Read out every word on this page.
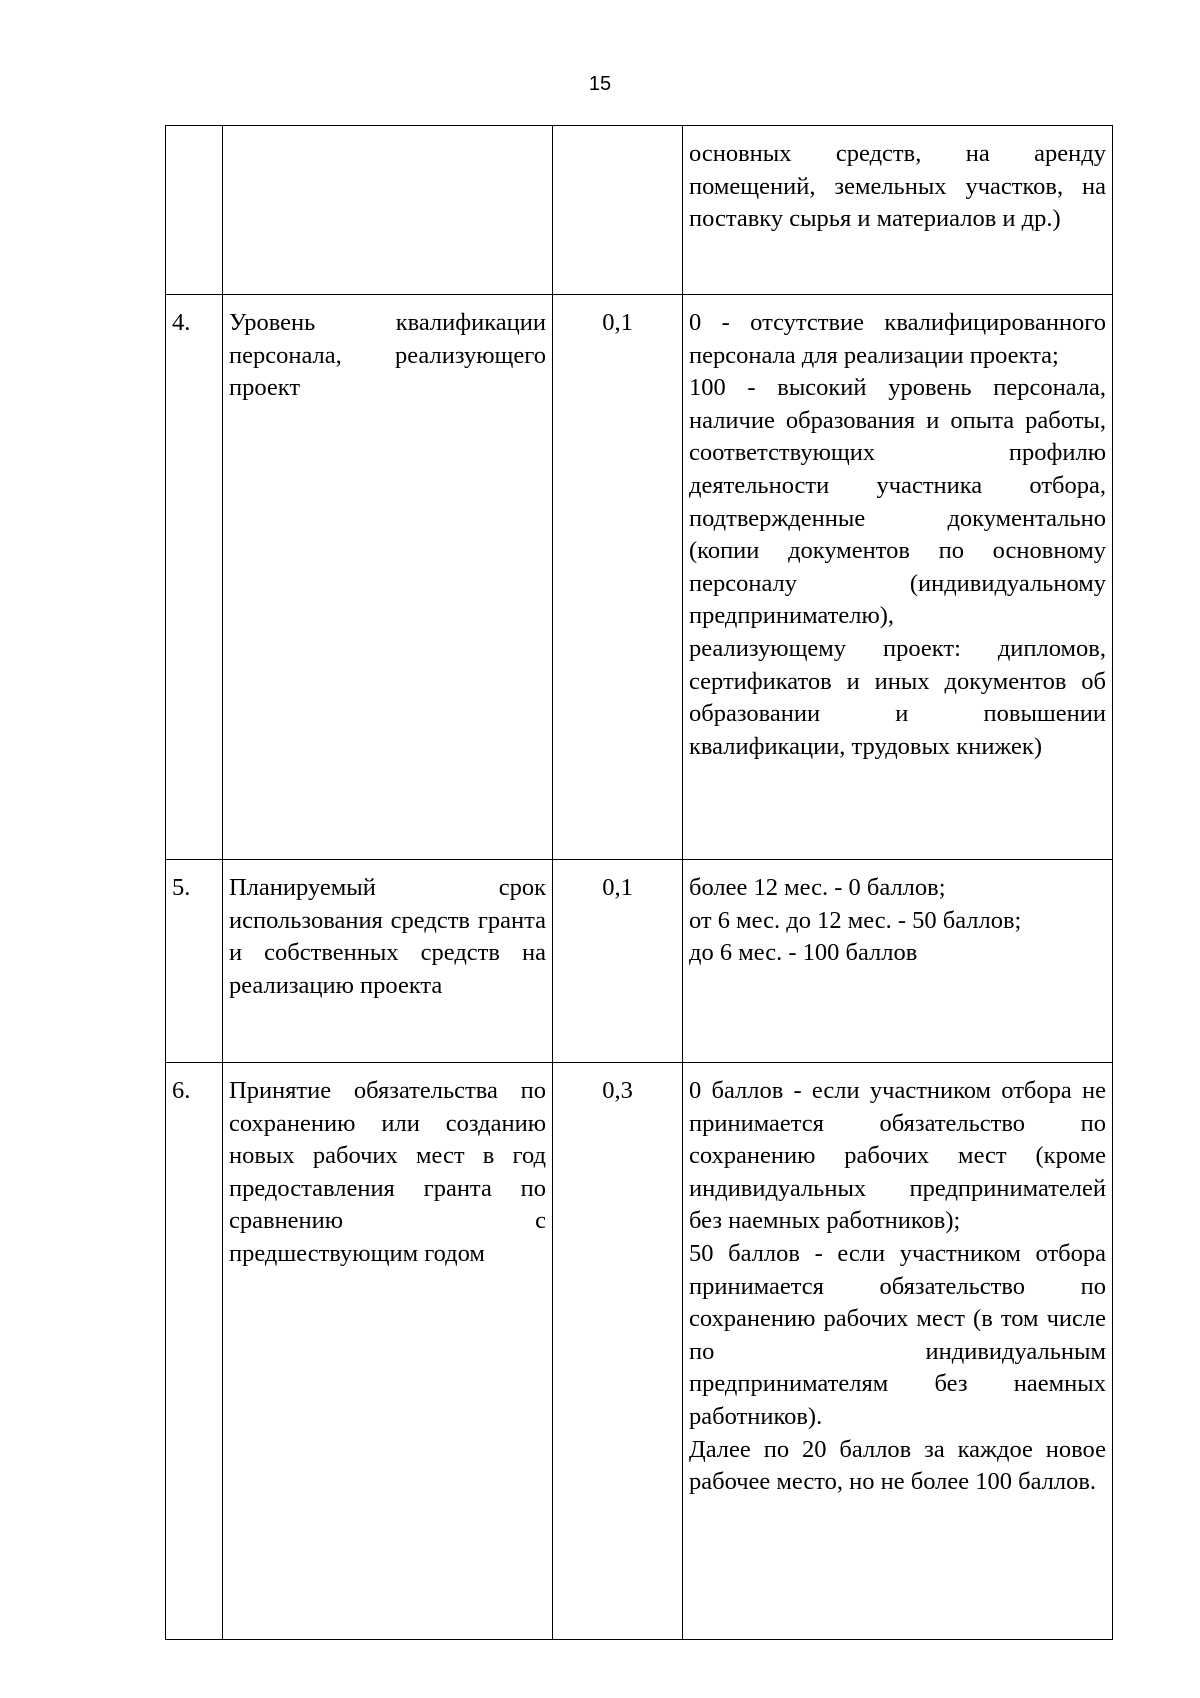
15

			основных средств, на аренду помещений, земельных участков, на поставку сырья и материалов и др.)

4.	Уровень квалификации персонала, реализующего проект	0,1	0 - отсутствие квалифицированного персонала для реализации проекта;
100 - высокий уровень персонала, наличие образования и опыта работы, соответствующих профилю деятельности участника отбора, подтвержденные документально (копии документов по основному персоналу (индивидуальному предпринимателю),
реализующему проект: дипломов, сертификатов и иных документов об образовании и повышении квалификации, трудовых книжек)

5.	Планируемый срок использования средств гранта и собственных средств на реализацию проекта	0,1	более 12 мес. - 0 баллов;
от 6 мес. до 12 мес. - 50 баллов;
до 6 мес. - 100 баллов

6.	Принятие обязательства по сохранению или созданию новых рабочих мест в год предоставления гранта по сравнению с предшествующим годом	0,3	0 баллов - если участником отбора не принимается обязательство по сохранению рабочих мест (кроме индивидуальных предпринимателей без наемных работников);
50 баллов - если участником отбора принимается обязательство по сохранению рабочих мест (в том числе по индивидуальным предпринимателям без наемных работников).
Далее по 20 баллов за каждое новое рабочее место, но не более 100 баллов.
